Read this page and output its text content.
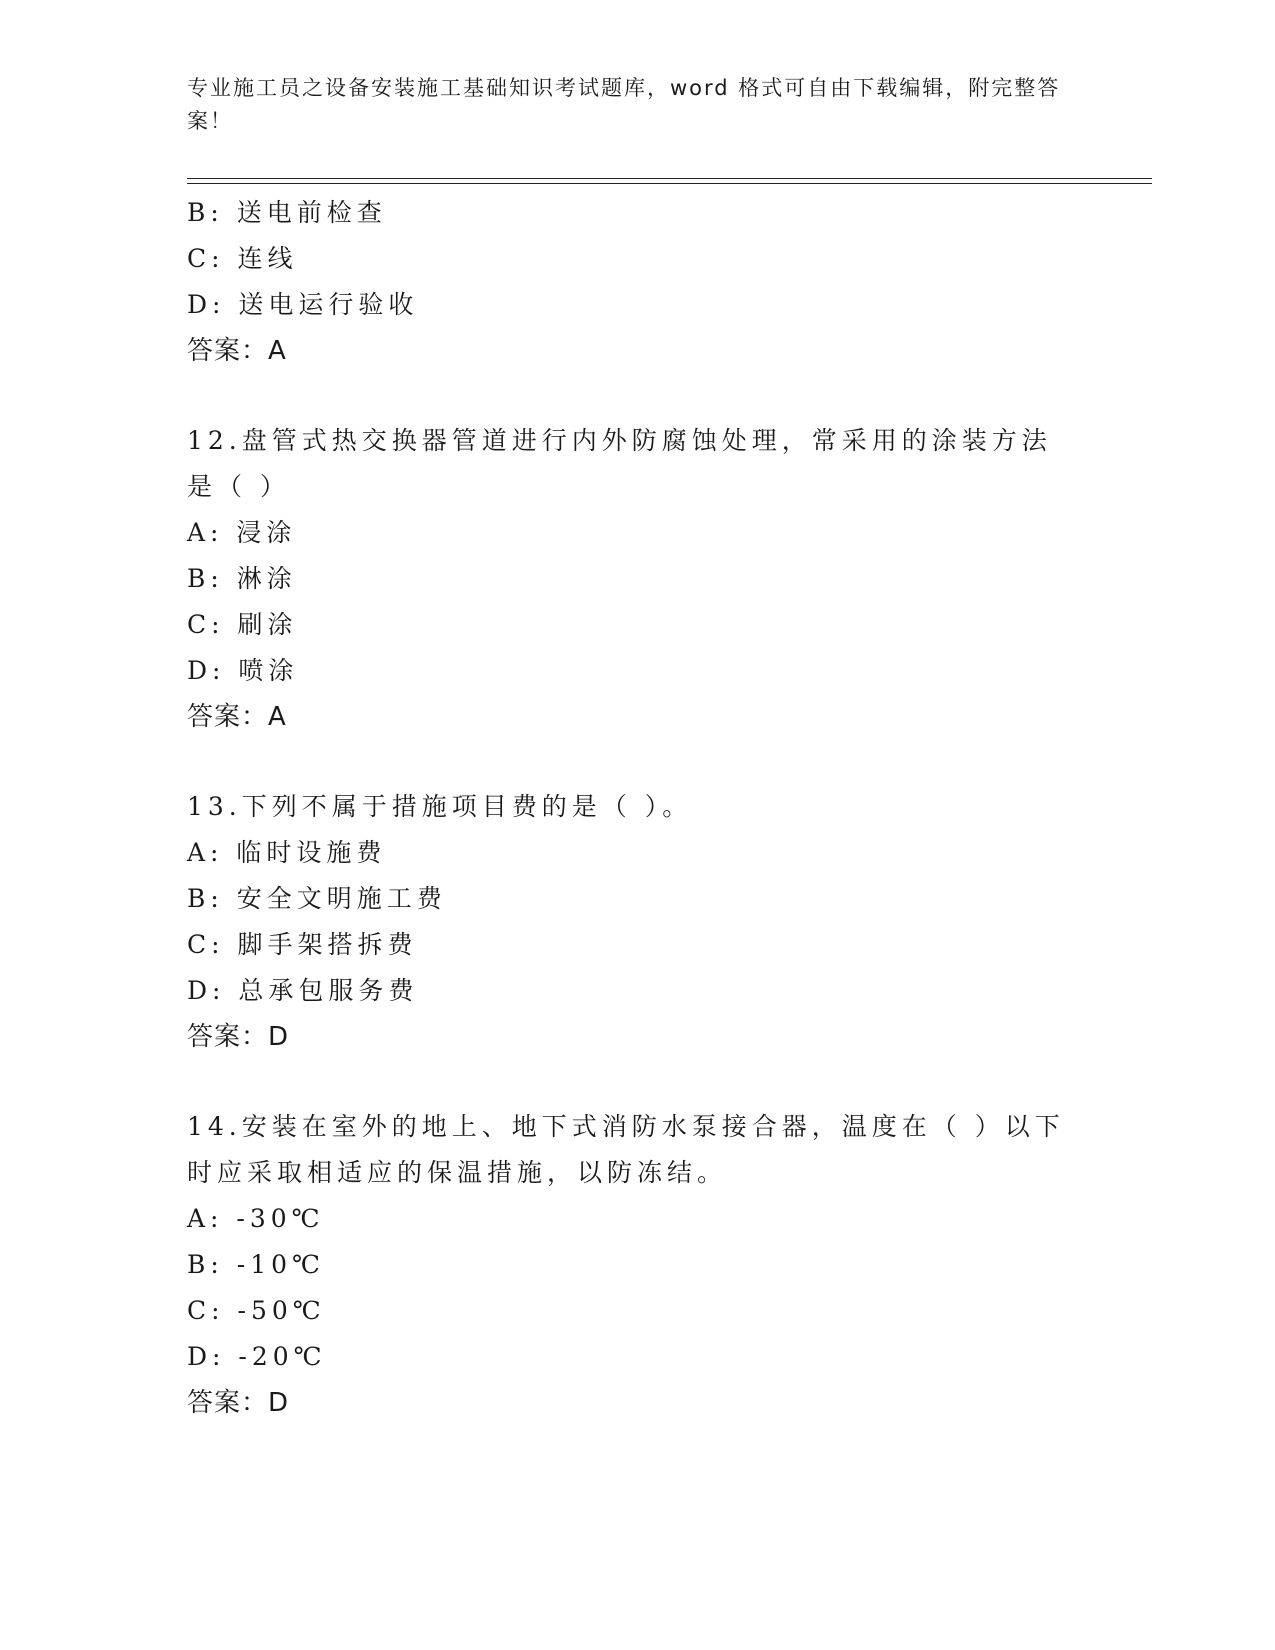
专业施工员之设备安装施工基础知识考试题库，word 格式可自由下载编辑，附完整答案！
B: 送电前检查
C: 连线
D: 送电运行验收
答案：A
12.盘管式热交换器管道进行内外防腐蚀处理，常采用的涂装方法是（ ）
A: 浸涂
B: 淋涂
C: 刷涂
D: 喷涂
答案：A
13.下列不属于措施项目费的是（ ）。
A: 临时设施费
B: 安全文明施工费
C: 脚手架搭拆费
D: 总承包服务费
答案：D
14.安装在室外的地上、地下式消防水泵接合器，温度在（ ）以下时应采取相适应的保温措施，以防冻结。
A: -30℃
B: -10℃
C: -50℃
D: -20℃
答案：D
